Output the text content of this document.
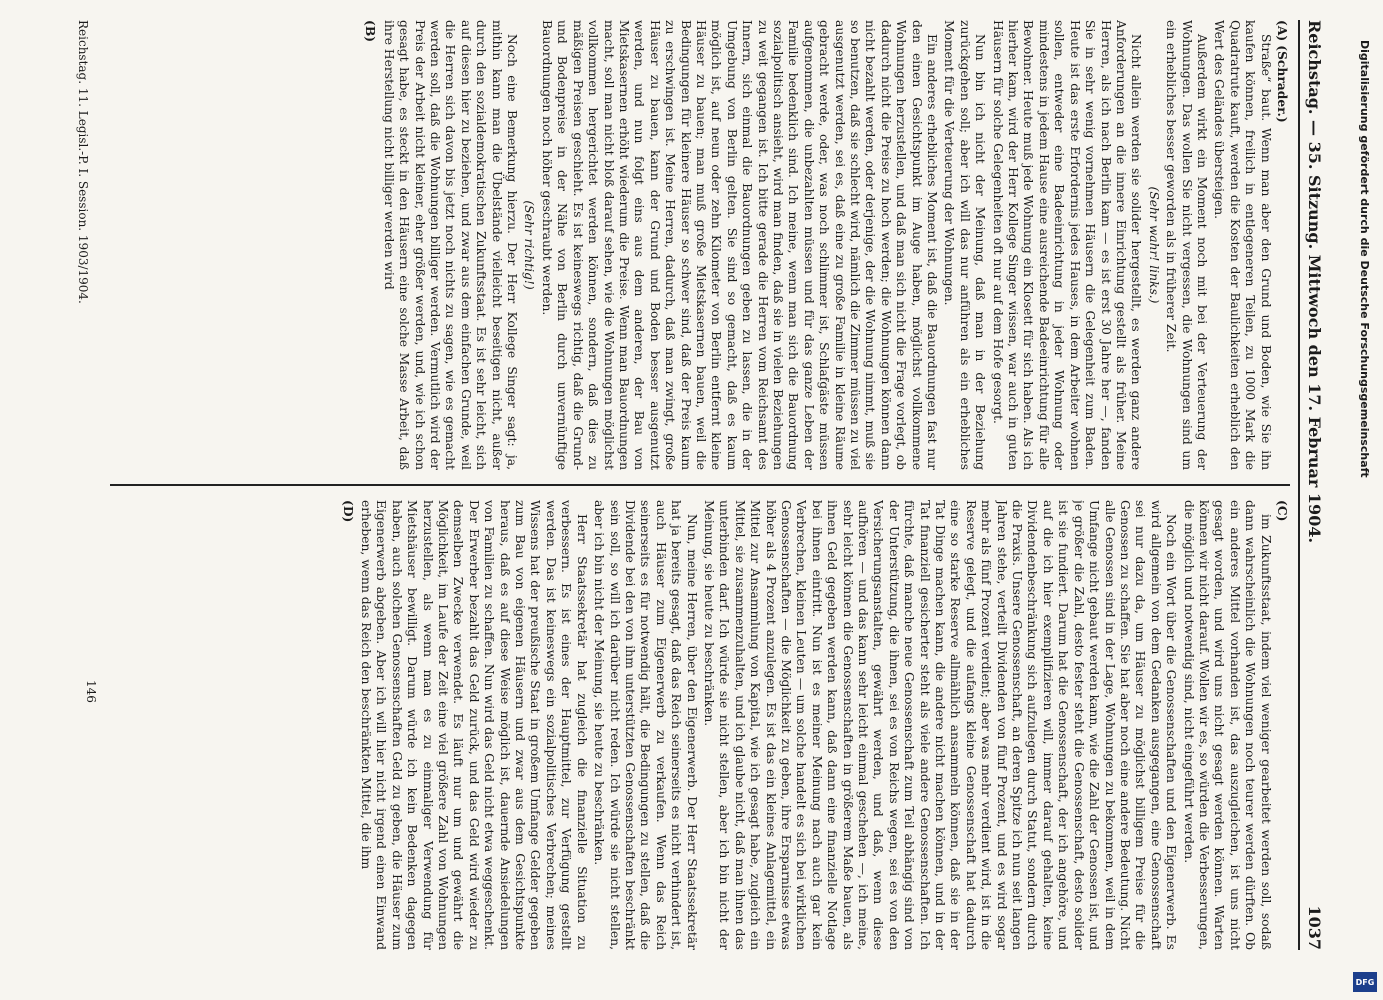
Reichstag. — 35. Sitzung. Mittwoch den 17. Februar 1904.
1037

(A)(Schrader.)

Straße“ baut. Wenn man aber den Grund und Boden, wie Sie ihn kaufen können, freilich in entlegeneren Teilen, zu 1000 Mark die Quadratrute kauft, werden die Kosten der Baulichkeiten erheblich den Wert des Geländes übersteigen.

Außerdem wirkt ein Moment noch mit bei der Verteuerung der Wohnungen. Das wollen Sie nicht vergessen, die Wohnungen sind um ein erhebliches besser geworden als in früherer Zeit.

(Sehr wahr! links.)

Nicht allein werden sie solider hergestellt, es werden ganz andere Anforderungen an die innere Einrichtung gestellt als früher. Meine Herren, als ich nach Berlin kam — es ist erst 30 Jahre her —, fanden Sie in sehr wenig vornehmen Häusern die Gelegenheit zum Baden. Heute ist das erste Erfordernis jedes Hauses, in dem Arbeiter wohnen sollen, entweder eine Badeeinrichtung in jeder Wohnung oder mindestens in jedem Hause eine ausreichende Badeeinrichtung für alle Bewohner. Heute muß jede Wohnung ein Klosett für sich haben. Als ich hierher kam, wird der Herr Kollege Singer wissen, war auch in guten Häusern für solche Gelegenheiten oft nur auf dem Hofe gesorgt.

Nun bin ich nicht der Meinung, daß man in der Beziehung zurückgehen soll; aber ich will das nur anführen als ein erhebliches Moment für die Verteuerung der Wohnungen.

Ein anderes erhebliches Moment ist, daß die Bauordnungen fast nur den einen Gesichtspunkt im Auge haben, möglichst vollkommene Wohnungen herzustellen, und daß man sich nicht die Frage vorlegt, ob dadurch nicht die Preise zu hoch werden; die Wohnungen können dann nicht bezahlt werden, oder derjenige, der die Wohnung nimmt, muß sie so benutzen, daß sie schlecht wird, nämlich die Zimmer müssen zu viel ausgenutzt werden, sei es, daß eine zu große Familie in kleine Räume gebracht werde, oder, was noch schlimmer ist, Schlafgäste müssen aufgenommen, die unbezahlten müssen und für das ganze Leben der Familie bedenklich sind. Ich meine, wenn man sich die Bauordnung sozialpolitisch ansieht, wird man finden, daß sie in vielen Beziehungen zu weit gegangen ist. Ich bitte gerade die Herren vom Reichsamt des Innern, sich einmal die Bauordnungen geben zu lassen, die in der Umgebung von Berlin gelten. Sie sind so gemacht, daß es kaum möglich ist, auf neun oder zehn Kilometer von Berlin entfernt kleine Häuser zu bauen; man muß große Mietskasernen bauen, weil die Bedingungen für kleinere Häuser so schwer sind, daß der Preis kaum zu erschwingen ist. Meine Herren, dadurch, daß man zwingt, große Häuser zu bauen, kann der Grund und Boden besser ausgenutzt werden, und nun folgt eins aus dem anderen, der Bau von Mietskasernen erhöht wiederum die Preise. Wenn man Bauordnungen macht, soll man nicht bloß darauf sehen, wie die Wohnungen möglichst vollkommen hergerichtet werden können, sondern, daß dies zu mäßigen Preisen geschieht. Es ist keineswegs richtig, daß die Grund- und Bodenpreise in der Nähe von Berlin durch unvernünftige Bauordnungen noch höher geschraubt werden.

(Sehr richtig!)

Noch eine Bemerkung hierzu. Der Herr Kollege Singer sagt: ja, mithin kann man die Übelstände vielleicht beseitigen nicht, außer durch den sozialdemokratischen Zukunftsstaat. Es ist sehr leicht, sich auf diesen hier zu beziehen, und zwar aus dem einfachen Grunde, weil die Herren sich davon bis jetzt noch nichts zu sagen, wie es gemacht werden soll, daß die Wohnungen billiger werden. Vermutlich wird der Preis der Arbeit nicht kleiner, eher größer werden, und, wie ich schon gesagt habe, es steckt in den Häusern eine solche Masse Arbeit, daß ihre Herstellung nicht billiger werden wird

(B)

(C)

im Zukunftsstaat, indem viel weniger gearbeitet werden soll, sodaß dann wahrscheinlich die Wohnungen noch teurer werden dürften. Ob ein anderes Mittel vorhanden ist, das auszugleichen, ist uns nicht gesagt worden, und wird uns nicht gesagt werden können. Warten können wir nicht darauf. Wollen wir es, so würden die Verbesserungen, die möglich und notwendig sind, nicht eingeführt werden.

Noch ein Wort über die Genossenschaften und den Eigenerwerb. Es wird allgemein von dem Gedanken ausgegangen, eine Genossenschaft sei nur dazu da, um Häuser zu möglichst billigem Preise für die Genossen zu schaffen. Sie hat aber noch eine andere Bedeutung. Nicht alle Genossen sind in der Lage, Wohnungen zu bekommen, weil in dem Umfange nicht gebaut werden kann, wie die Zahl der Genossen ist, und je größer die Zahl, desto fester steht die Genossenschaft, desto solider ist sie fundiert. Darum hat die Genossenschaft, der ich angehöre, und auf die ich hier exemplifizieren will, immer darauf gehalten, keine Dividendenbeschränkung sich aufzulegen durch Statut, sondern durch die Praxis. Unsere Genossenschaft, an deren Spitze ich nun seit langen Jahren stehe, verteilt Dividenden von fünf Prozent, und es wird sogar mehr als fünf Prozent verdient; aber was mehr verdient wird, ist in die Reserve gelegt, und die aufangs kleine Genossenschaft hat dadurch eine so starke Reserve allmählich ansammeln können, daß sie in der Tat Dinge machen kann, die andere nicht machen können, und in der Tat finanziell gesicherter steht als viele andere Genossenschaften. Ich fürchte, daß manche neue Genossenschaft zum Teil abhängig sind von der Unterstützung, die ihnen, sei es von Reichs wegen, sei es von den Versicherungsanstalten, gewährt werden, und daß, wenn diese aufhören — und das kann sehr leicht einmal geschehen —, ich meine, sehr leicht können die Genossenschaften in größerem Maße bauen, als ihnen Geld gegeben werden kann, daß dann eine finanzielle Notlage bei ihnen eintritt. Nun ist es meiner Meinung nach auch gar kein Verbrechen, kleinen Leuten — um solche handelt es sich bei wirklichen Genossenschaften — die Möglichkeit zu geben, ihre Ersparnisse etwas höher als 4 Prozent anzulegen. Es ist das ein kleines Anlagemittel, ein Mittel zur Ansammlung von Kapital, wie ich gesagt habe, zugleich ein Mittel, sie zusammenzuhalten, und ich glaube nicht, daß man ihnen das unterbinden darf. Ich würde sie nicht stellen, aber ich bin nicht der Meinung, sie heute zu beschränken.

Nun, meine Herren, über den Eigenerwerb. Der Herr Staatssekretär hat ja bereits gesagt, daß das Reich seinerseits es nicht verhindert ist, auch Häuser zum Eigenerwerb zu verkaufen. Wenn das Reich seinerseits es für notwendig hält, die Bedingungen zu stellen, daß die Dividende bei den von ihm unterstützten Genossenschaften beschränkt sein soll, so will ich darüber nicht reden. Ich würde sie nicht stellen, aber ich bin nicht der Meinung, sie heute zu beschränken.

Herr Staatssekretär hat zugleich die finanzielle Situation zu verbessern. Es ist eines der Hauptmittel, zur Verfügung gestellt werden. Das ist keineswegs ein sozialpolitisches Verbrechen; meines Wissens hat der preußische Staat in großem Umfange Gelder gegeben zum Bau von eigenen Häusern und zwar aus dem Gesichtspunkte heraus, daß es auf diese Weise möglich ist, dauernde Ansiedelungen von Familien zu schaffen. Nun wird das Geld nicht etwa weggeschenkt. Der Erwerber bezahlt das Geld zurück, und das Geld wird wieder zu demselben Zwecke verwendet. Es läuft nur um und gewährt die Möglichkeit, im Laufe der Zeit eine viel größere Zahl von Wohnungen herzustellen, als wenn man es zu einmaliger Verwendung für Mietshäuser bewilligt. Darum würde ich kein Bedenken dagegen haben, auch solchen Genossenschaften Geld zu geben, die Häuser zum Eigenerwerb abgeben. Aber ich will hier nicht irgend einen Einwand erheben, wenn das Reich den beschränkten Mittel, die ihm

(D)

Reichstag. 11. Legisl.-P. I. Session. 1903/1904.
146
Digitalisierung gefördert durch die Deutsche Forschungsgemeinschaft
DFG
